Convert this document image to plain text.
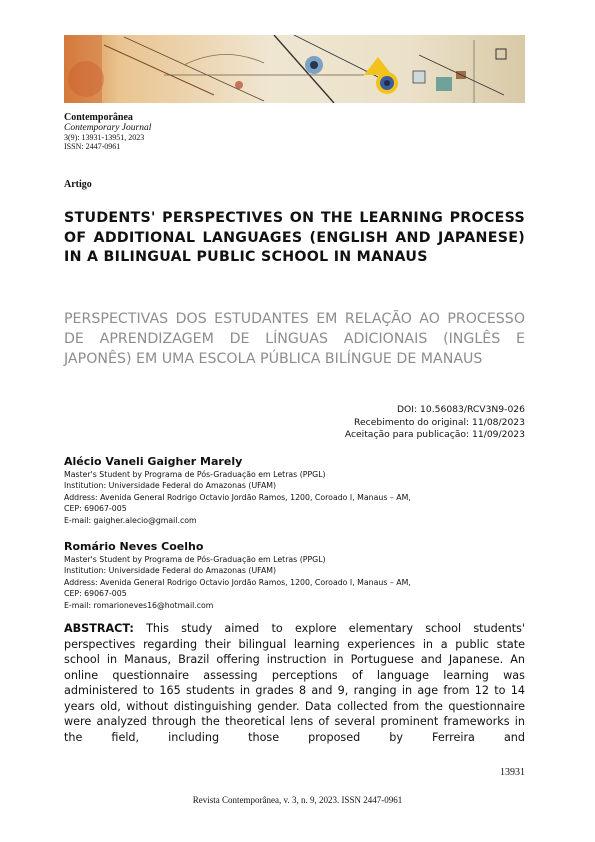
Contemporânea
Contemporary Journal
3(9): 13931-13951, 2023
ISSN: 2447-0961
Artigo
STUDENTS' PERSPECTIVES ON THE LEARNING PROCESS OF ADDITIONAL LANGUAGES (ENGLISH AND JAPANESE) IN A BILINGUAL PUBLIC SCHOOL IN MANAUS
PERSPECTIVAS DOS ESTUDANTES EM RELAÇÃO AO PROCESSO DE APRENDIZAGEM DE LÍNGUAS ADICIONAIS (INGLÊS E JAPONÊS) EM UMA ESCOLA PÚBLICA BILÍNGUE DE MANAUS
DOI: 10.56083/RCV3N9-026
Recebimento do original: 11/08/2023
Aceitação para publicação: 11/09/2023
Alécio Vaneli Gaigher Marely
Master's Student by Programa de Pós-Graduação em Letras (PPGL)
Institution: Universidade Federal do Amazonas (UFAM)
Address: Avenida General Rodrigo Octavio Jordão Ramos, 1200, Coroado I, Manaus – AM,
CEP: 69067-005
E-mail: gaigher.alecio@gmail.com
Romário Neves Coelho
Master's Student by Programa de Pós-Graduação em Letras (PPGL)
Institution: Universidade Federal do Amazonas (UFAM)
Address: Avenida General Rodrigo Octavio Jordão Ramos, 1200, Coroado I, Manaus – AM,
CEP: 69067-005
E-mail: romarioneves16@hotmail.com

ABSTRACT: This study aimed to explore elementary school students' perspectives regarding their bilingual learning experiences in a public state school in Manaus, Brazil offering instruction in Portuguese and Japanese. An online questionnaire assessing perceptions of language learning was administered to 165 students in grades 8 and 9, ranging in age from 12 to 14 years old, without distinguishing gender. Data collected from the questionnaire were analyzed through the theoretical lens of several prominent frameworks in the field, including those proposed by Ferreira and

13931
Revista Contemporânea, v. 3, n. 9, 2023. ISSN 2447-0961
